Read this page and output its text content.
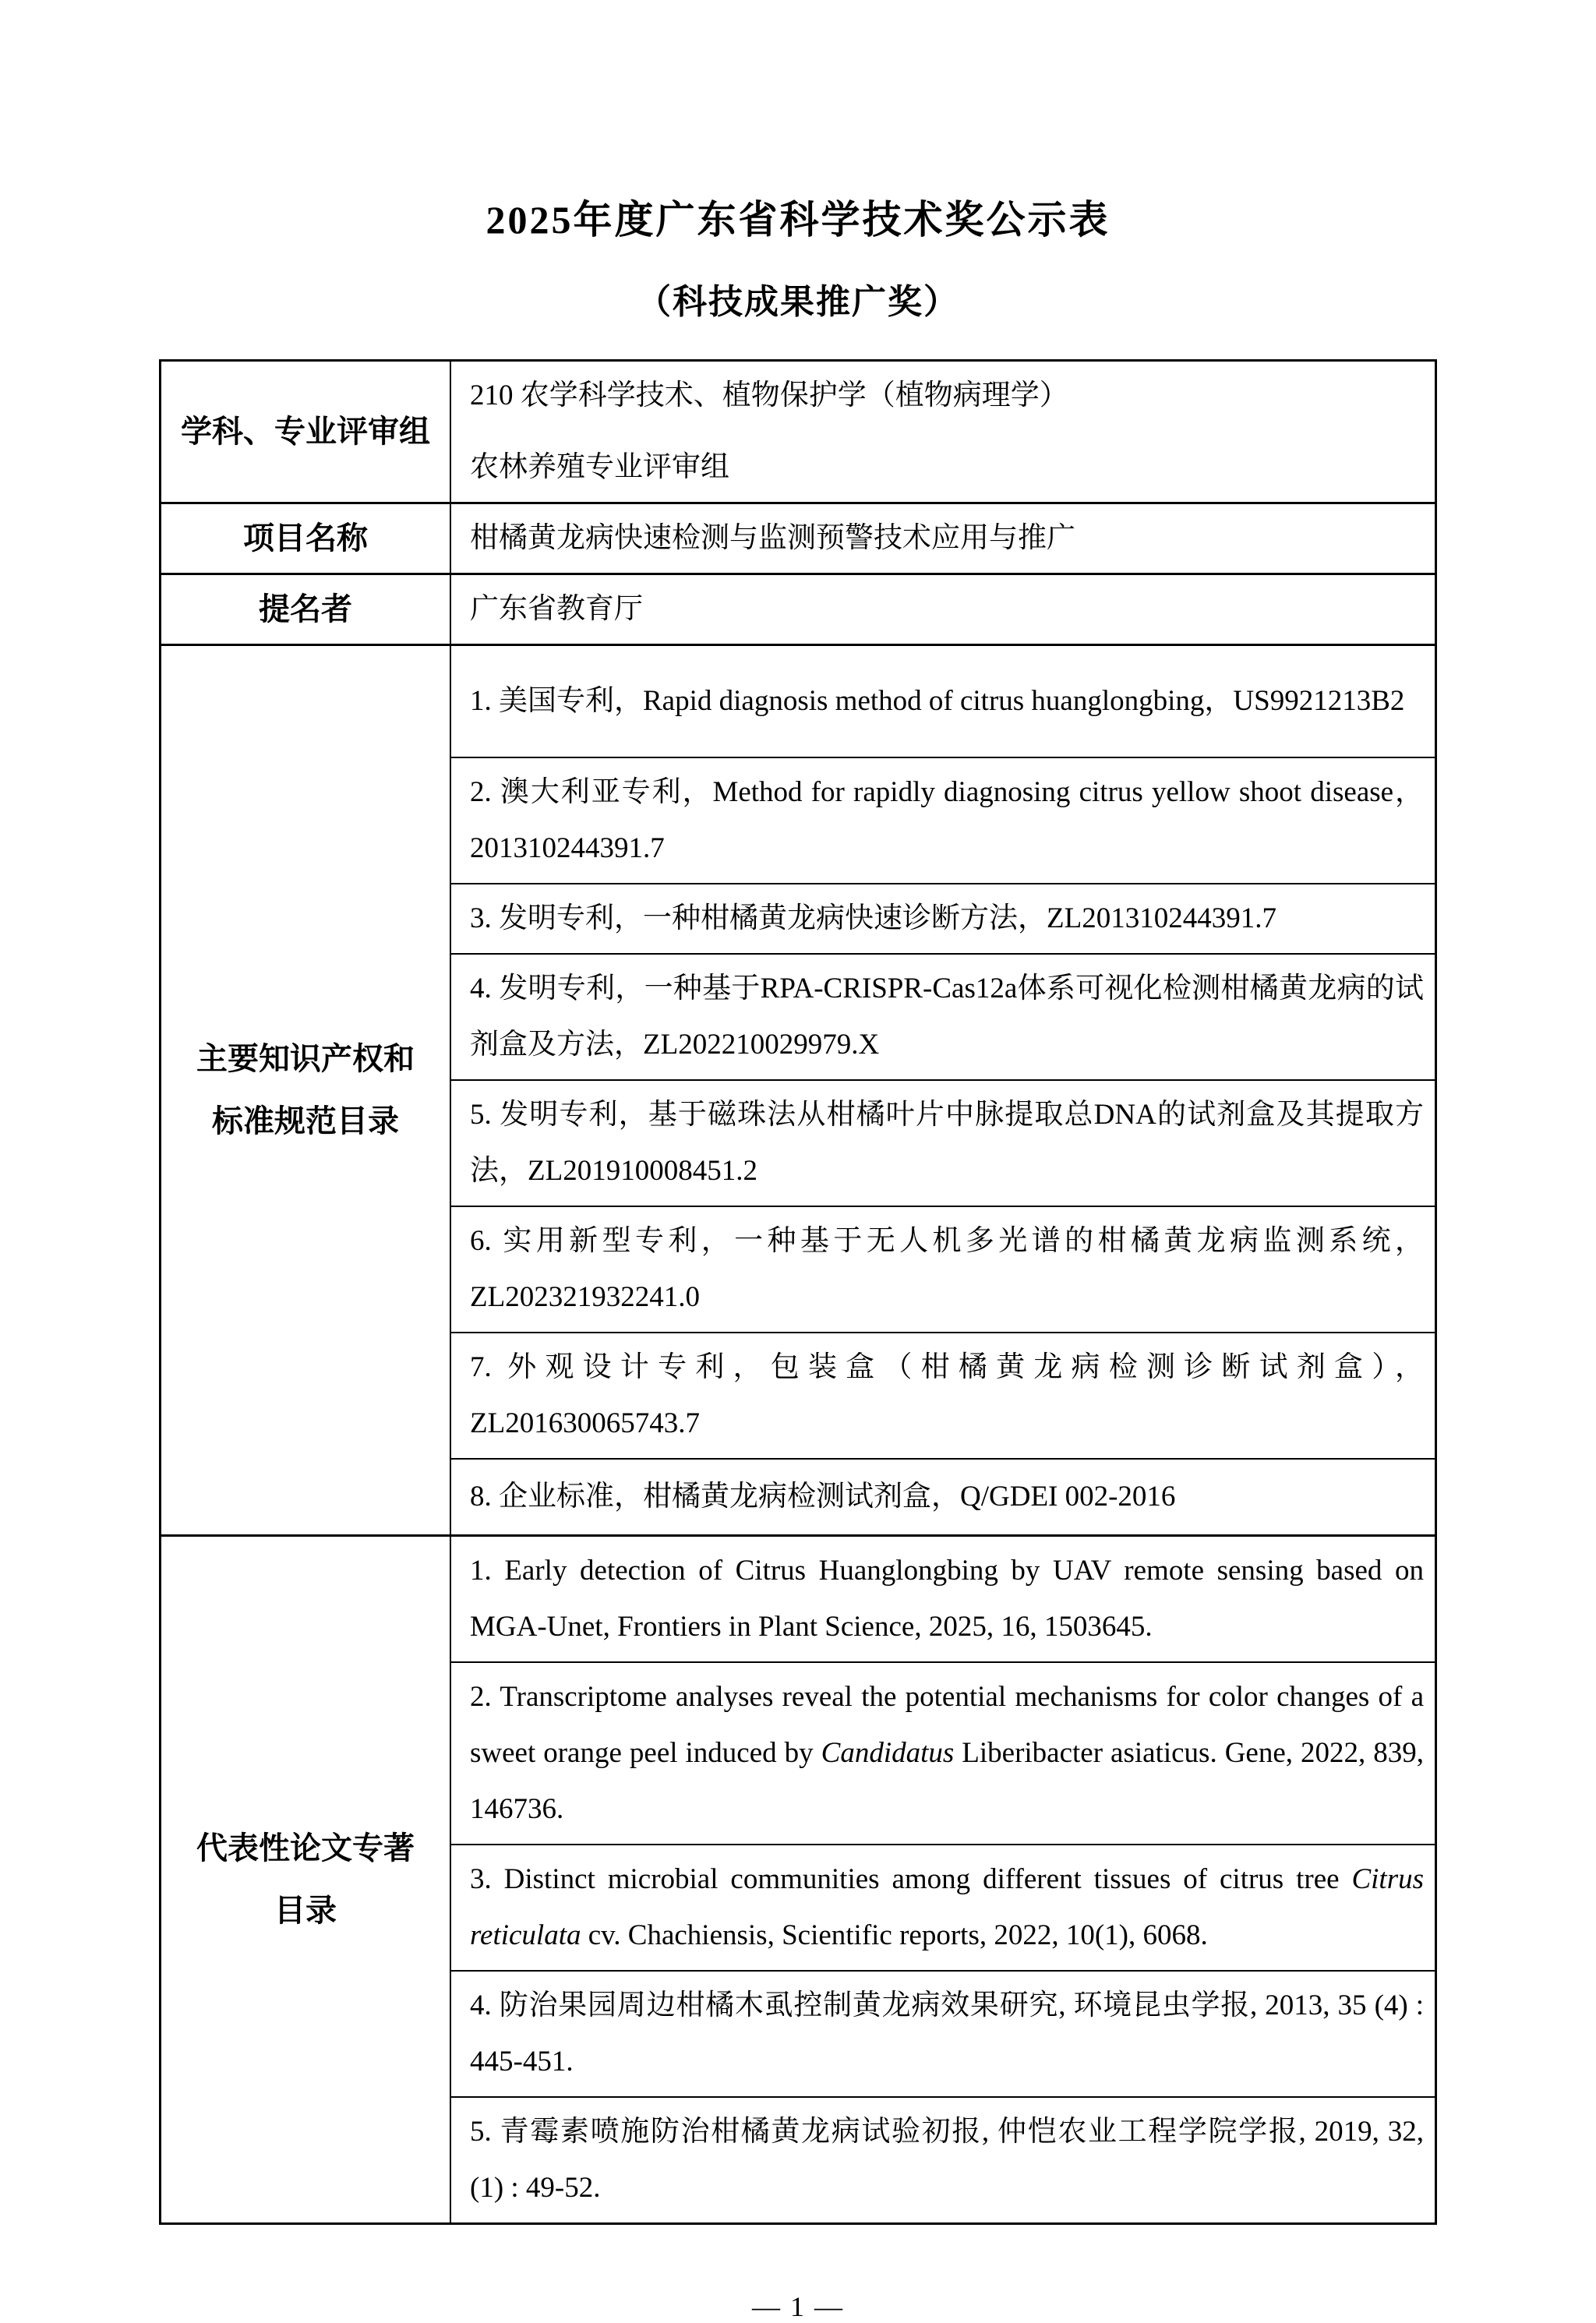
2025年度广东省科学技术奖公示表
（科技成果推广奖）
学科、专业评审组
210 农学科学技术、植物保护学（植物病理学）
农林养殖专业评审组
项目名称	柑橘黄龙病快速检测与监测预警技术应用与推广
提名者	广东省教育厅
主要知识产权和
标准规范目录
1. 美国专利，Rapid diagnosis method of citrus huanglongbing，US9921213B2
2. 澳大利亚专利，Method for rapidly diagnosing citrus yellow shoot disease，201310244391.7
3. 发明专利，一种柑橘黄龙病快速诊断方法，ZL201310244391.7
4. 发明专利，一种基于RPA-CRISPR-Cas12a体系可视化检测柑橘黄龙病的试剂盒及方法，ZL202210029979.X
5. 发明专利，基于磁珠法从柑橘叶片中脉提取总DNA的试剂盒及其提取方法，ZL201910008451.2
6. 实用新型专利，一种基于无人机多光谱的柑橘黄龙病监测系统，ZL202321932241.0
7. 外观设计专利，包装盒（柑橘黄龙病检测诊断试剂盒），ZL201630065743.7
8. 企业标准，柑橘黄龙病检测试剂盒，Q/GDEI 002-2016
代表性论文专著
目录
1. Early detection of Citrus Huanglongbing by UAV remote sensing based on MGA-Unet, Frontiers in Plant Science, 2025, 16, 1503645.
2. Transcriptome analyses reveal the potential mechanisms for color changes of a sweet orange peel induced by Candidatus Liberibacter asiaticus. Gene, 2022, 839, 146736.
3. Distinct microbial communities among different tissues of citrus tree Citrus reticulata cv. Chachiensis, Scientific reports, 2022, 10(1), 6068.
4. 防治果园周边柑橘木虱控制黄龙病效果研究, 环境昆虫学报, 2013, 35 (4) : 445-451.
5. 青霉素喷施防治柑橘黄龙病试验初报, 仲恺农业工程学院学报, 2019, 32, (1) : 49-52.
— 1 —
